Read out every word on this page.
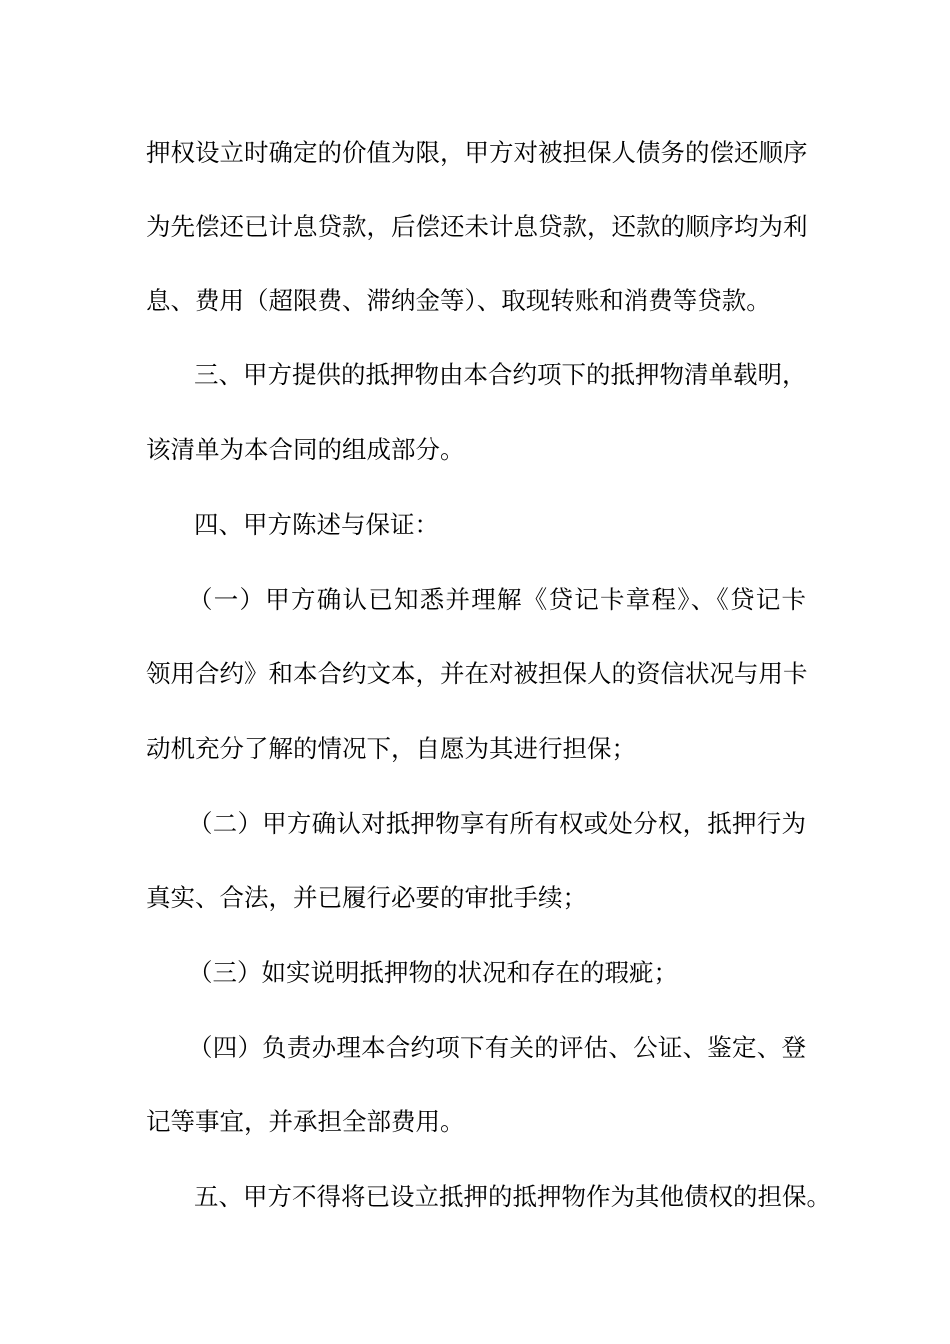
押权设立时确定的价值为限，甲方对被担保人债务的偿还顺序
为先偿还已计息贷款，后偿还未计息贷款，还款的顺序均为利
息、费用（超限费、滞纳金等）、取现转账和消费等贷款。
三、甲方提供的抵押物由本合约项下的抵押物清单载明，
该清单为本合同的组成部分。
四、甲方陈述与保证：
（一）甲方确认已知悉并理解《贷记卡章程》、《贷记卡
领用合约》和本合约文本，并在对被担保人的资信状况与用卡
动机充分了解的情况下，自愿为其进行担保；
（二）甲方确认对抵押物享有所有权或处分权，抵押行为
真实、合法，并已履行必要的审批手续；
（三）如实说明抵押物的状况和存在的瑕疵；
（四）负责办理本合约项下有关的评估、公证、鉴定、登
记等事宜，并承担全部费用。
五、甲方不得将已设立抵押的抵押物作为其他债权的担保。
